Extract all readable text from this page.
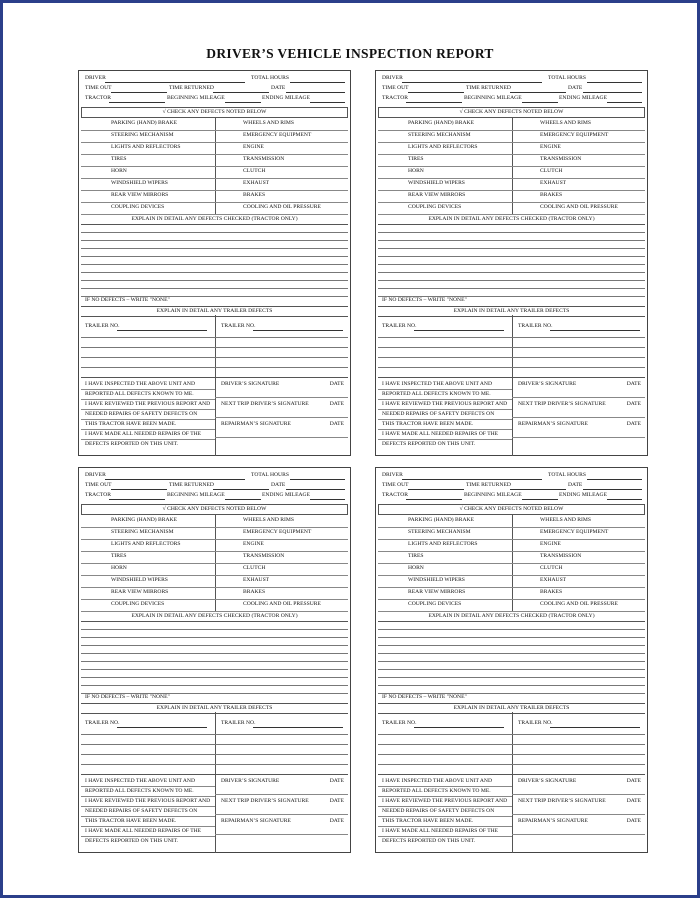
DRIVER’S VEHICLE INSPECTION REPORT
DRIVER	TOTAL HOURS
TIME OUT	TIME RETURNED	DATE
TRACTOR	BEGINNING MILEAGE	ENDING MILEAGE
√ CHECK ANY DEFECTS NOTED BELOW
PARKING (HAND) BRAKE	WHEELS AND RIMS
STEERING MECHANISM	EMERGENCY EQUIPMENT
LIGHTS AND REFLECTORS	ENGINE
TIRES	TRANSMISSION
HORN	CLUTCH
WINDSHIELD WIPERS	EXHAUST
REAR VIEW MIRRORS	BRAKES
COUPLING DEVICES	COOLING AND OIL PRESSURE
EXPLAIN IN DETAIL ANY DEFECTS CHECKED (TRACTOR ONLY)
IF NO DEFECTS – WRITE "NONE"
EXPLAIN IN DETAIL ANY TRAILER DEFECTS
TRAILER NO.	TRAILER NO.
I HAVE INSPECTED THE ABOVE UNIT AND
REPORTED ALL DEFECTS KNOWN TO ME.
I HAVE REVIEWED THE PREVIOUS REPORT AND
NEEDED REPAIRS OF SAFETY DEFECTS ON
THIS TRACTOR HAVE BEEN MADE.
I HAVE MADE ALL NEEDED REPAIRS OF THE
DEFECTS REPORTED ON THIS UNIT.
DRIVER’S SIGNATURE	DATE
NEXT TRIP DRIVER’S SIGNATURE	DATE
REPAIRMAN’S SIGNATURE	DATE
DRIVER	TOTAL HOURS
TIME OUT	TIME RETURNED	DATE
TRACTOR	BEGINNING MILEAGE	ENDING MILEAGE
√ CHECK ANY DEFECTS NOTED BELOW
PARKING (HAND) BRAKE	WHEELS AND RIMS
STEERING MECHANISM	EMERGENCY EQUIPMENT
LIGHTS AND REFLECTORS	ENGINE
TIRES	TRANSMISSION
HORN	CLUTCH
WINDSHIELD WIPERS	EXHAUST
REAR VIEW MIRRORS	BRAKES
COUPLING DEVICES	COOLING AND OIL PRESSURE
EXPLAIN IN DETAIL ANY DEFECTS CHECKED (TRACTOR ONLY)
IF NO DEFECTS – WRITE "NONE"
EXPLAIN IN DETAIL ANY TRAILER DEFECTS
TRAILER NO.	TRAILER NO.
I HAVE INSPECTED THE ABOVE UNIT AND
REPORTED ALL DEFECTS KNOWN TO ME.
I HAVE REVIEWED THE PREVIOUS REPORT AND
NEEDED REPAIRS OF SAFETY DEFECTS ON
THIS TRACTOR HAVE BEEN MADE.
I HAVE MADE ALL NEEDED REPAIRS OF THE
DEFECTS REPORTED ON THIS UNIT.
DRIVER’S SIGNATURE	DATE
NEXT TRIP DRIVER’S SIGNATURE	DATE
REPAIRMAN’S SIGNATURE	DATE
DRIVER	TOTAL HOURS
TIME OUT	TIME RETURNED	DATE
TRACTOR	BEGINNING MILEAGE	ENDING MILEAGE
√ CHECK ANY DEFECTS NOTED BELOW
PARKING (HAND) BRAKE	WHEELS AND RIMS
STEERING MECHANISM	EMERGENCY EQUIPMENT
LIGHTS AND REFLECTORS	ENGINE
TIRES	TRANSMISSION
HORN	CLUTCH
WINDSHIELD WIPERS	EXHAUST
REAR VIEW MIRRORS	BRAKES
COUPLING DEVICES	COOLING AND OIL PRESSURE
EXPLAIN IN DETAIL ANY DEFECTS CHECKED (TRACTOR ONLY)
IF NO DEFECTS – WRITE "NONE"
EXPLAIN IN DETAIL ANY TRAILER DEFECTS
TRAILER NO.	TRAILER NO.
I HAVE INSPECTED THE ABOVE UNIT AND
REPORTED ALL DEFECTS KNOWN TO ME.
I HAVE REVIEWED THE PREVIOUS REPORT AND
NEEDED REPAIRS OF SAFETY DEFECTS ON
THIS TRACTOR HAVE BEEN MADE.
I HAVE MADE ALL NEEDED REPAIRS OF THE
DEFECTS REPORTED ON THIS UNIT.
DRIVER’S SIGNATURE	DATE
NEXT TRIP DRIVER’S SIGNATURE	DATE
REPAIRMAN’S SIGNATURE	DATE
DRIVER	TOTAL HOURS
TIME OUT	TIME RETURNED	DATE
TRACTOR	BEGINNING MILEAGE	ENDING MILEAGE
√ CHECK ANY DEFECTS NOTED BELOW
PARKING (HAND) BRAKE	WHEELS AND RIMS
STEERING MECHANISM	EMERGENCY EQUIPMENT
LIGHTS AND REFLECTORS	ENGINE
TIRES	TRANSMISSION
HORN	CLUTCH
WINDSHIELD WIPERS	EXHAUST
REAR VIEW MIRRORS	BRAKES
COUPLING DEVICES	COOLING AND OIL PRESSURE
EXPLAIN IN DETAIL ANY DEFECTS CHECKED (TRACTOR ONLY)
IF NO DEFECTS – WRITE "NONE"
EXPLAIN IN DETAIL ANY TRAILER DEFECTS
TRAILER NO.	TRAILER NO.
I HAVE INSPECTED THE ABOVE UNIT AND
REPORTED ALL DEFECTS KNOWN TO ME.
I HAVE REVIEWED THE PREVIOUS REPORT AND
NEEDED REPAIRS OF SAFETY DEFECTS ON
THIS TRACTOR HAVE BEEN MADE.
I HAVE MADE ALL NEEDED REPAIRS OF THE
DEFECTS REPORTED ON THIS UNIT.
DRIVER’S SIGNATURE	DATE
NEXT TRIP DRIVER’S SIGNATURE	DATE
REPAIRMAN’S SIGNATURE	DATE
